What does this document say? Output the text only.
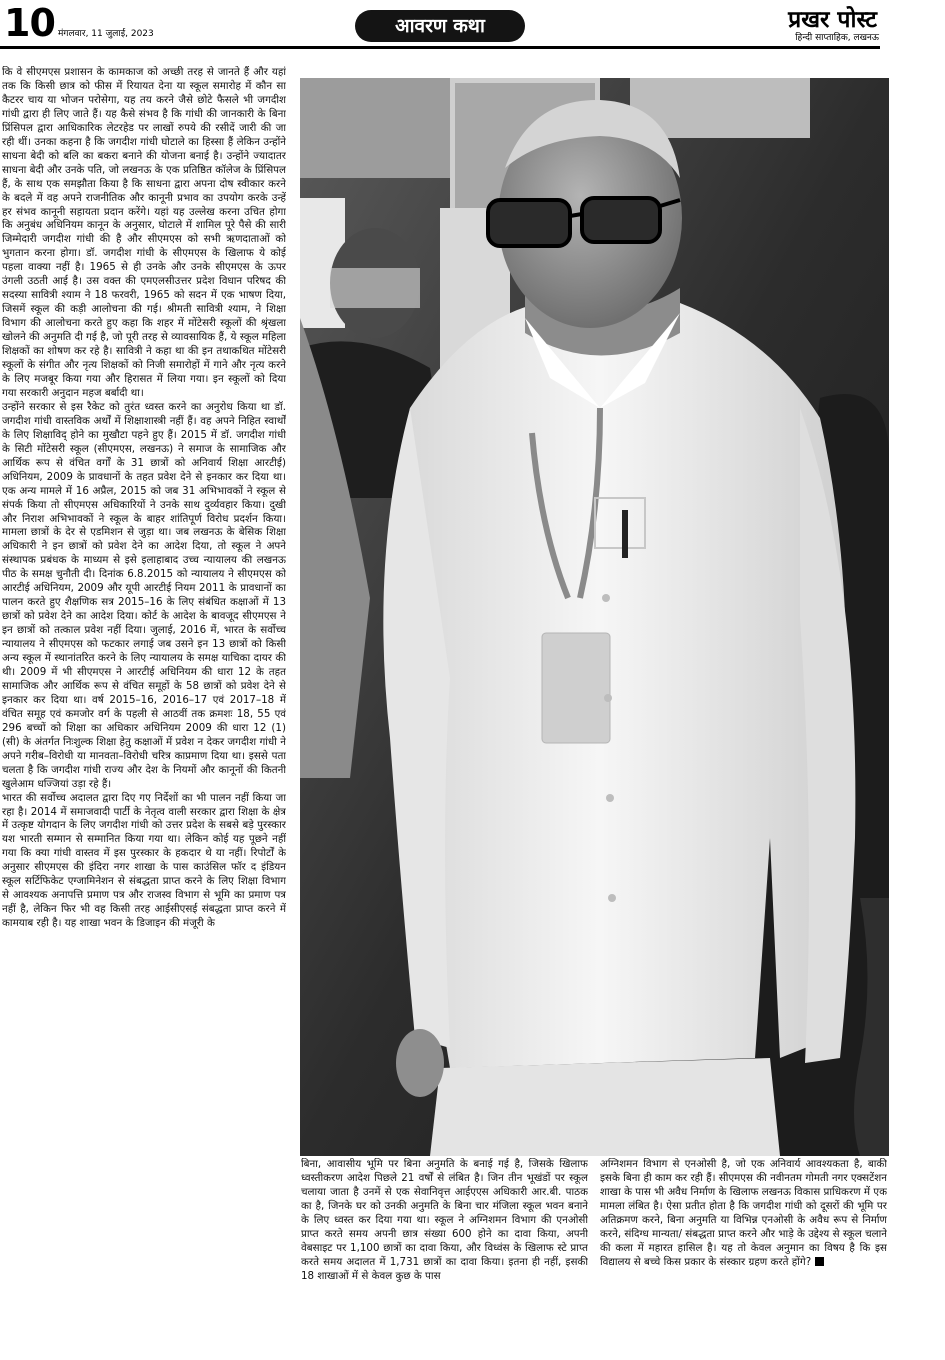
10 मंगलवार, 11 जुलाई, 2023	आवरण कथा	प्रखर पोस्ट
हिन्दी साप्ताहिक, लखनऊ

कि वे सीएमएस प्रशासन के कामकाज को अच्छी तरह से जानते हैं और यहां तक कि किसी छात्र को फीस में रियायत देना या स्कूल समारोह में कौन सा कैटरर चाय या भोजन परोसेगा, यह तय करने जैसे छोटे फैसले भी जगदीश गांधी द्वारा ही लिए जाते हैं। यह कैसे संभव है कि गांधी की जानकारी के बिना प्रिंसिपल द्वारा आधिकारिक लेटरहेड पर लाखों रुपये की रसीदें जारी की जा रही थीं। उनका कहना है कि जगदीश गांधी घोटाले का हिस्सा हैं लेकिन उन्होंने साधना बेदी को बलि का बकरा बनाने की योजना बनाई है। उन्होंने ज्यादातर साधना बेदी और उनके पति, जो लखनऊ के एक प्रतिष्ठित कॉलेज के प्रिंसिपल हैं, के साथ एक समझौता किया है कि साधना द्वारा अपना दोष स्वीकार करने के बदले में वह अपने राजनीतिक और कानूनी प्रभाव का उपयोग करके उन्हें हर संभव कानूनी सहायता प्रदान करेंगे। यहां यह उल्लेख करना उचित होगा कि अनुबंध अधिनियम कानून के अनुसार, घोटाले में शामिल पूरे पैसे की सारी जिम्मेदारी जगदीश गांधी की है और सीएमएस को सभी ऋणदाताओं को भुगतान करना होगा। डॉ. जगदीश गांधी के सीएमएस के खिलाफ ये कोई पहला वाक्या नहीं है। 1965 से ही उनके और उनके सीएमएस के ऊपर उंगली उठती आई है। उस वक्त की एमएलसीउत्तर प्रदेश विधान परिषद की सदस्या सावित्री श्याम ने 18 फरवरी, 1965 को सदन में एक भाषण दिया, जिसमें स्कूल की कड़ी आलोचना की गई। श्रीमती सावित्री श्याम, ने शिक्षा विभाग की आलोचना करते हुए कहा कि शहर में मोंटेसरी स्कूलों की श्रृंखला खोलने की अनुमति दी गई है, जो पूरी तरह से व्यावसायिक हैं, ये स्कूल महिला शिक्षकों का शोषण कर रहे है। सावित्री ने कहा था की इन तथाकथित मोंटेसरी स्कूलों के संगीत और नृत्य शिक्षकों को निजी समारोहों में गाने और नृत्य करने के लिए मजबूर किया गया और हिरासत में लिया गया। इन स्कूलों को दिया गया सरकारी अनुदान महज बर्बादी था।

उन्होंने सरकार से इस रैकेट को तुरंत ध्वस्त करने का अनुरोध किया था डॉ. जगदीश गांधी वास्तविक अर्थों में शिक्षाशास्त्री नहीं हैं। वह अपने निहित स्वार्थों के लिए शिक्षाविद् होने का मुखौटा पहने हुए हैं। 2015 में डॉ. जगदीश गांधी के सिटी मोंटेसरी स्कूल (सीएमएस, लखनऊ) ने समाज के सामाजिक और आर्थिक रूप से वंचित वर्गों के 31 छात्रों को अनिवार्य शिक्षा आरटीई) अधिनियम, 2009 के प्रावधानों के तहत प्रवेश देने से इनकार कर दिया था। एक अन्य मामले में 16 अप्रैल, 2015 को जब 31 अभिभावकों ने स्कूल से संपर्क किया तो सीएमएस अधिकारियों ने उनके साथ दुर्व्यवहार किया। दुखी और निराश अभिभावकों ने स्कूल के बाहर शांतिपूर्ण विरोध प्रदर्शन किया। मामला छात्रों के देर से एडमिशन से जुड़ा था। जब लखनऊ के बेसिक शिक्षा अधिकारी ने इन छात्रों को प्रवेश देने का आदेश दिया, तो स्कूल ने अपने संस्थापक प्रबंधक के माध्यम से इसे इलाहाबाद उच्च न्यायालय की लखनऊ पीठ के समक्ष चुनौती दी। दिनांक 6.8.2015 को न्यायालय ने सीएमएस को आरटीई अधिनियम, 2009 और यूपी आरटीई नियम 2011 के प्रावधानों का पालन करते हुए शैक्षणिक सत्र 2015–16 के लिए संबंधित कक्षाओं में 13 छात्रों को प्रवेश देने का आदेश दिया। कोर्ट के आदेश के बावजूद सीएमएस ने इन छात्रों को तत्काल प्रवेश नहीं दिया। जुलाई, 2016 में, भारत के सर्वोच्च न्यायालय ने सीएमएस को फटकार लगाई जब उसने इन 13 छात्रों को किसी अन्य स्कूल में स्थानांतरित करने के लिए न्यायालय के समक्ष याचिका दायर की थी। 2009 में भी सीएमएस ने आरटीई अधिनियम की धारा 12 के तहत सामाजिक और आर्थिक रूप से वंचित समूहों के 58 छात्रों को प्रवेश देने से इनकार कर दिया था। वर्ष 2015–16, 2016–17 एवं 2017–18 में वंचित समूह एवं कमजोर वर्ग के पहली से आठवीं तक क्रमशः 18, 55 एवं 296 बच्चों को शिक्षा का अधिकार अधिनियम 2009 की धारा 12 (1) (सी) के अंतर्गत निःशुल्क शिक्षा हेतु कक्षाओं में प्रवेश न देकर जगदीश गांधी ने अपने गरीब–विरोधी या मानवता–विरोधी चरित्र काप्रमाण दिया था। इससे पता चलता है कि जगदीश गांधी राज्य और देश के नियमों और कानूनों की कितनी खुलेआम धज्जियां उड़ा रहे हैं।

भारत की सर्वोच्च अदालत द्वारा दिए गए निर्देशों का भी पालन नहीं किया जा रहा है। 2014 में समाजवादी पार्टी के नेतृत्व वाली सरकार द्वारा शिक्षा के क्षेत्र में उत्कृष्ट योगदान के लिए जगदीश गांधी को उत्तर प्रदेश के सबसे बड़े पुरस्कार यश भारती सम्मान से सम्मानित किया गया था। लेकिन कोई यह पूछने नहीं गया कि क्या गांधी वास्तव में इस पुरस्कार के हकदार थे या नहीं। रिपोर्टों के अनुसार सीएमएस की इंदिरा नगर शाखा के पास काउंसिल फॉर द इंडियन स्कूल सर्टिफिकेट एग्जामिनेशन से संबद्धता प्राप्त करने के लिए शिक्षा विभाग से आवश्यक अनापत्ति प्रमाण पत्र और राजस्व विभाग से भूमि का प्रमाण पत्र नहीं है, लेकिन फिर भी वह किसी तरह आईसीएसई संबद्धता प्राप्त करने में कामयाब रही है। यह शाखा भवन के डिजाइन की मंजूरी के

बिना, आवासीय भूमि पर बिना अनुमति के बनाई गई है, जिसके खिलाफ ध्वस्तीकरण आदेश पिछले 21 वर्षों से लंबित है। जिन तीन भूखंडों पर स्कूल चलाया जाता है उनमें से एक सेवानिवृत्त आईएएस अधिकारी आर.बी. पाठक का है, जिनके घर को उनकी अनुमति के बिना चार मंजिला स्कूल भवन बनाने के लिए ध्वस्त कर दिया गया था। स्कूल ने अग्निशमन विभाग की एनओसी प्राप्त करते समय अपनी छात्र संख्या 600 होने का दावा किया, अपनी वेबसाइट पर 1,100 छात्रों का दावा किया, और विध्वंस के खिलाफ स्टे प्राप्त करते समय अदालत में 1,731 छात्रों का दावा किया। इतना ही नहीं, इसकी 18 शाखाओं में से केवल कुछ के पास

अग्निशमन विभाग से एनओसी है, जो एक अनिवार्य आवश्यकता है, बाकी इसके बिना ही काम कर रही हैं। सीएमएस की नवीनतम गोमती नगर एक्सटेंशन शाखा के पास भी अवैध निर्माण के खिलाफ लखनऊ विकास प्राधिकरण में एक मामला लंबित है। ऐसा प्रतीत होता है कि जगदीश गांधी को दूसरों की भूमि पर अतिक्रमण करने, बिना अनुमति या विभिन्न एनओसी के अवैध रूप से निर्माण करने, संदिग्ध मान्यता/ संबद्धता प्राप्त करने और भाड़े के उद्देश्य से स्कूल चलाने की कला में महारत हासिल है। यह तो केवल अनुमान का विषय है कि इस विद्यालय से बच्चे किस प्रकार के संस्कार ग्रहण करते होंगे?
